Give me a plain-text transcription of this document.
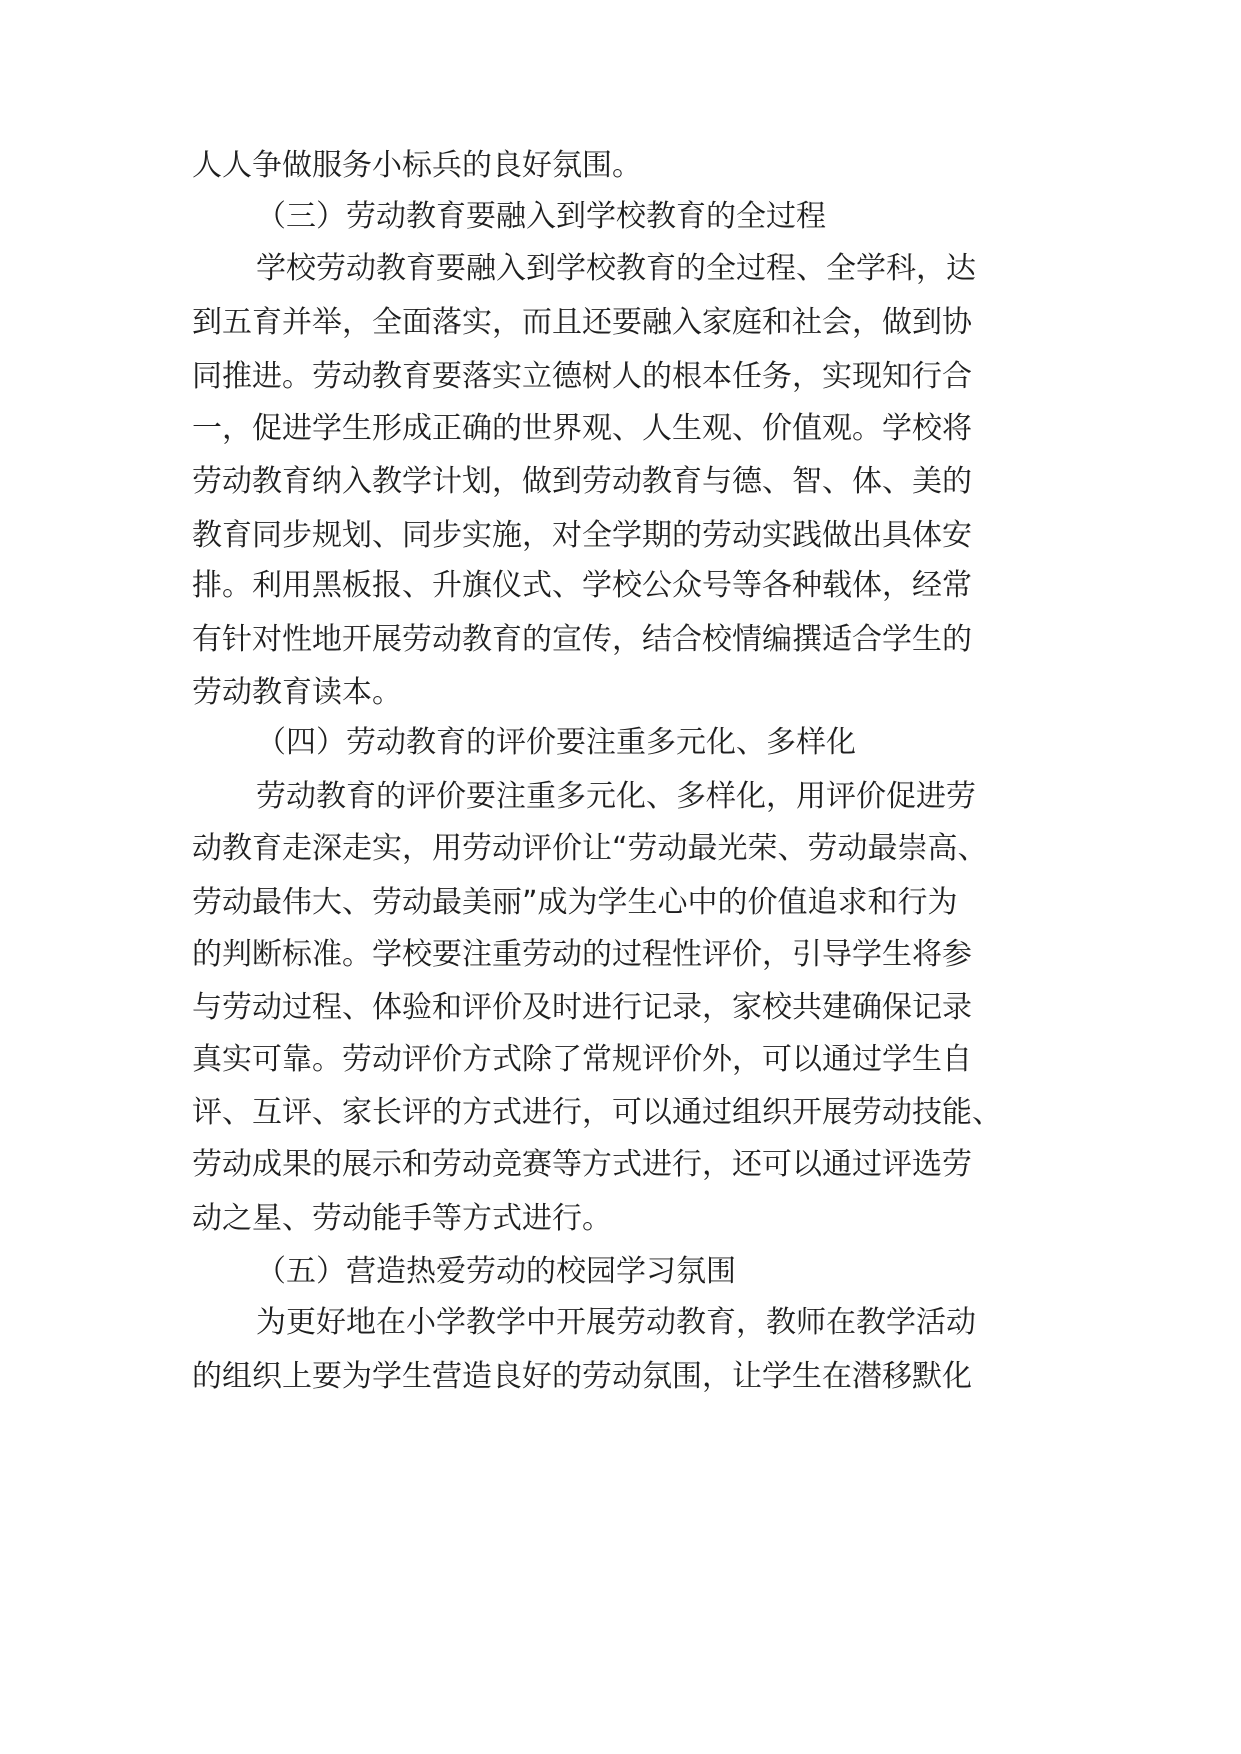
人人争做服务小标兵的良好氛围。
（三）劳动教育要融入到学校教育的全过程
学校劳动教育要融入到学校教育的全过程、全学科，达
到五育并举，全面落实，而且还要融入家庭和社会，做到协
同推进。劳动教育要落实立德树人的根本任务，实现知行合
一，促进学生形成正确的世界观、人生观、价值观。学校将
劳动教育纳入教学计划，做到劳动教育与德、智、体、美的
教育同步规划、同步实施，对全学期的劳动实践做出具体安
排。利用黑板报、升旗仪式、学校公众号等各种载体，经常
有针对性地开展劳动教育的宣传，结合校情编撰适合学生的
劳动教育读本。
（四）劳动教育的评价要注重多元化、多样化
劳动教育的评价要注重多元化、多样化，用评价促进劳
动教育走深走实，用劳动评价让“劳动最光荣、劳动最崇高、
劳动最伟大、劳动最美丽”成为学生心中的价值追求和行为
的判断标准。学校要注重劳动的过程性评价，引导学生将参
与劳动过程、体验和评价及时进行记录，家校共建确保记录
真实可靠。劳动评价方式除了常规评价外，可以通过学生自
评、互评、家长评的方式进行，可以通过组织开展劳动技能、
劳动成果的展示和劳动竞赛等方式进行，还可以通过评选劳
动之星、劳动能手等方式进行。
（五）营造热爱劳动的校园学习氛围
为更好地在小学教学中开展劳动教育，教师在教学活动
的组织上要为学生营造良好的劳动氛围，让学生在潜移默化
